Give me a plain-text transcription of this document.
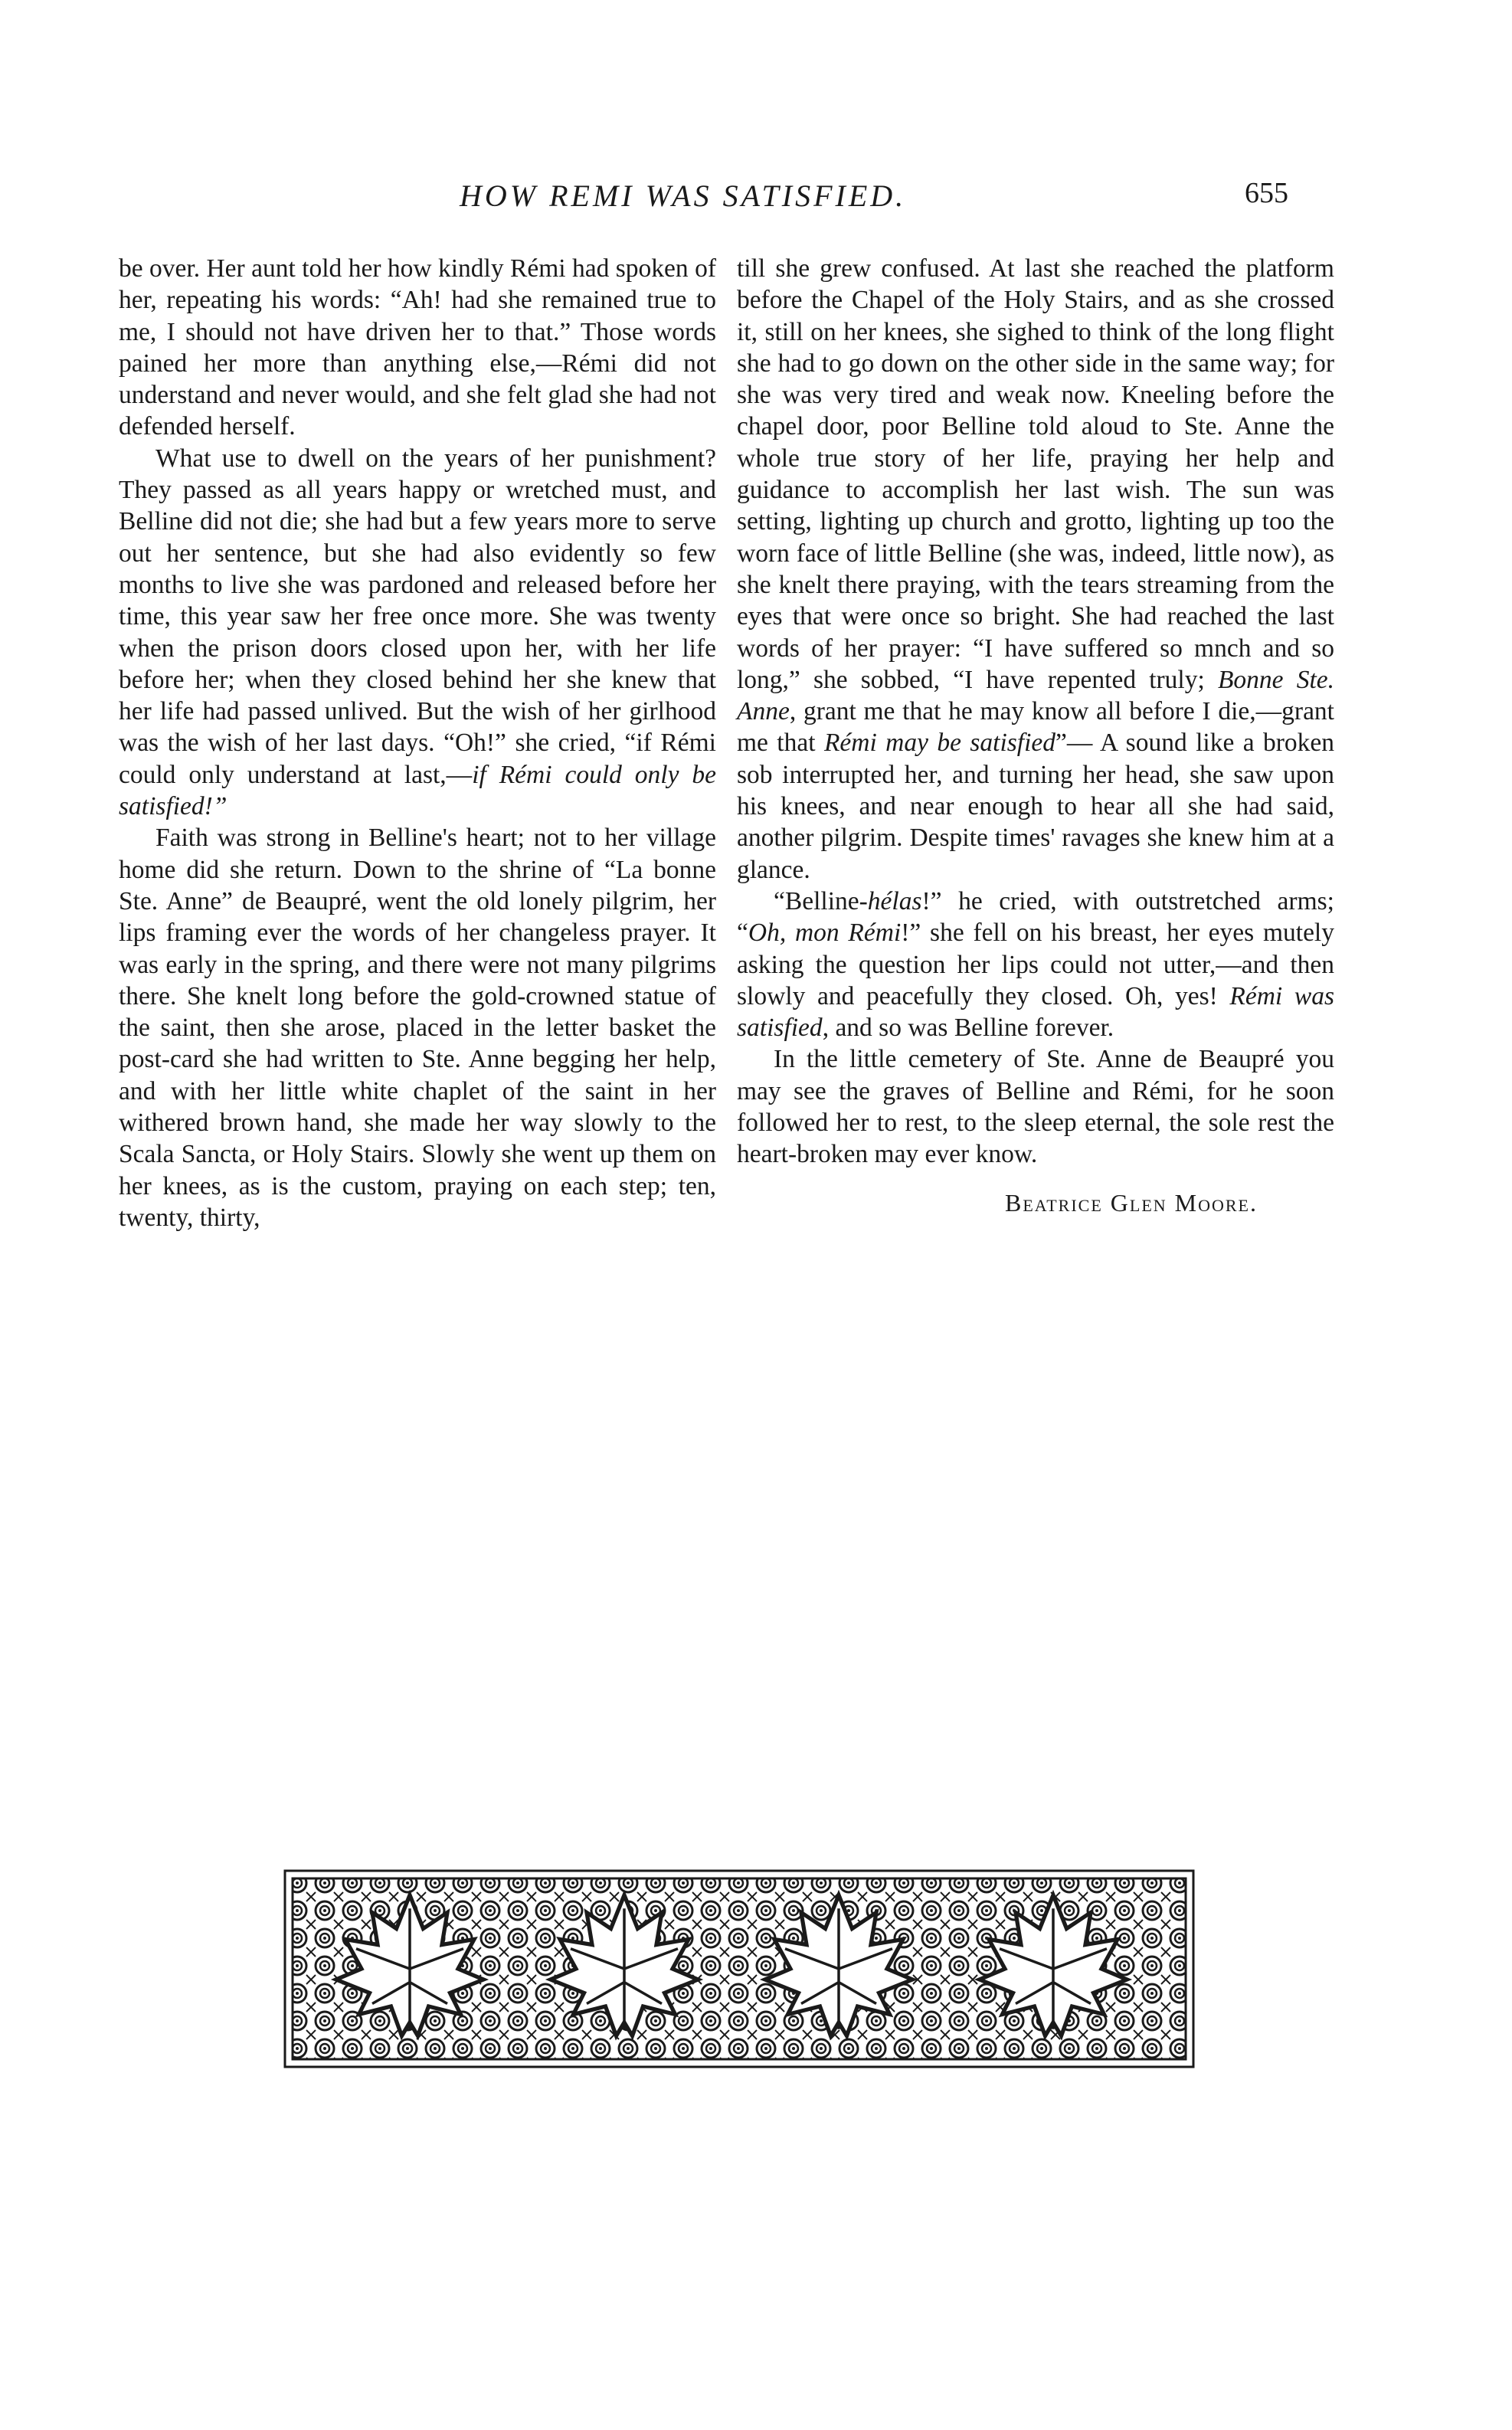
HOW REMI WAS SATISFIED.	655

be over. Her aunt told her how kindly Rémi had spoken of her, repeating his words: “Ah! had she remained true to me, I should not have driven her to that.” Those words pained her more than anything else,—Rémi did not understand and never would, and she felt glad she had not defended herself.

What use to dwell on the years of her punishment? They passed as all years happy or wretched must, and Belline did not die; she had but a few years more to serve out her sentence, but she had also evidently so few months to live she was pardoned and released before her time, this year saw her free once more. She was twenty when the prison doors closed upon her, with her life before her; when they closed behind her she knew that her life had passed unlived. But the wish of her girlhood was the wish of her last days. “Oh!” she cried, “if Rémi could only understand at last,—if Rémi could only be satisfied!”

Faith was strong in Belline's heart; not to her village home did she return. Down to the shrine of “La bonne Ste. Anne” de Beaupré, went the old lonely pilgrim, her lips framing ever the words of her changeless prayer. It was early in the spring, and there were not many pilgrims there. She knelt long before the gold-crowned statue of the saint, then she arose, placed in the letter basket the post-card she had written to Ste. Anne begging her help, and with her little white chaplet of the saint in her withered brown hand, she made her way slowly to the Scala Sancta, or Holy Stairs. Slowly she went up them on her knees, as is the custom, praying on each step; ten, twenty, thirty,

till she grew confused. At last she reached the platform before the Chapel of the Holy Stairs, and as she crossed it, still on her knees, she sighed to think of the long flight she had to go down on the other side in the same way; for she was very tired and weak now. Kneeling before the chapel door, poor Belline told aloud to Ste. Anne the whole true story of her life, praying her help and guidance to accomplish her last wish. The sun was setting, lighting up church and grotto, lighting up too the worn face of little Belline (she was, indeed, little now), as she knelt there praying, with the tears streaming from the eyes that were once so bright. She had reached the last words of her prayer: “I have suffered so mnch and so long,” she sobbed, “I have repented truly; Bonne Ste. Anne, grant me that he may know all before I die,—grant me that Rémi may be satisfied”— A sound like a broken sob interrupted her, and turning her head, she saw upon his knees, and near enough to hear all she had said, another pilgrim. Despite times' ravages she knew him at a glance.

“Belline-hélas!” he cried, with outstretched arms; “Oh, mon Rémi!” she fell on his breast, her eyes mutely asking the question her lips could not utter,—and then slowly and peacefully they closed. Oh, yes! Rémi was satisfied, and so was Belline forever.

In the little cemetery of Ste. Anne de Beaupré you may see the graves of Belline and Rémi, for he soon followed her to rest, to the sleep eternal, the sole rest the heart-broken may ever know.

Beatrice Glen Moore.
